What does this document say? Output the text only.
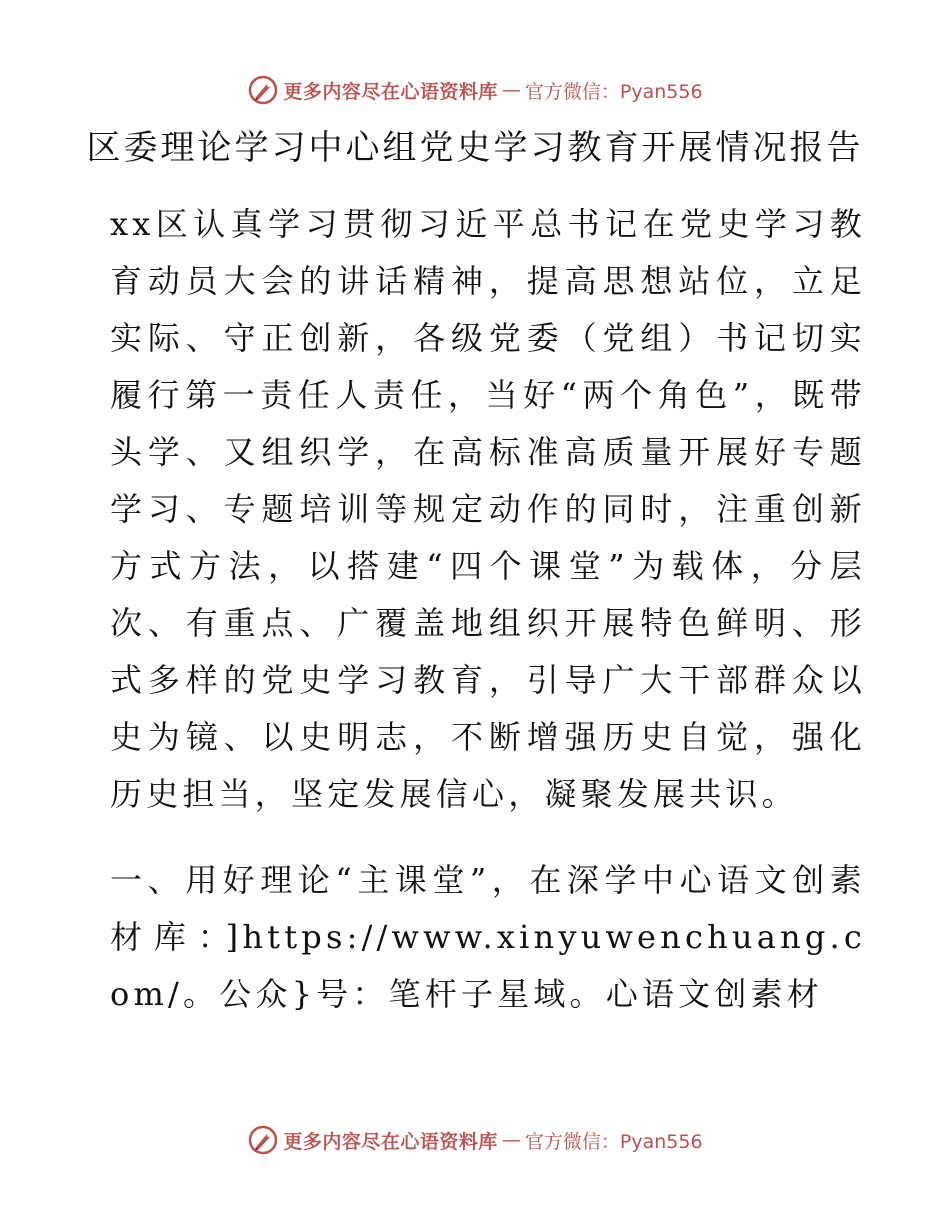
更多内容尽在心语资料库 — 官方微信：Pyan556
区委理论学习中心组党史学习教育开展情况报告

xx区认真学习贯彻习近平总书记在党史学习教育动员大会的讲话精神，提高思想站位，立足实际、守正创新，各级党委（党组）书记切实履行第一责任人责任，当好“两个角色”，既带头学、又组织学，在高标准高质量开展好专题学习、专题培训等规定动作的同时，注重创新方式方法，以搭建“四个课堂”为载体，分层次、有重点、广覆盖地组织开展特色鲜明、形式多样的党史学习教育，引导广大干部群众以史为镜、以史明志，不断增强历史自觉，强化历史担当，坚定发展信心，凝聚发展共识。

一、用好理论“主课堂”，在深学中心语文创素材库：]https://www.xinyuwenchuang.com/。公众}号：笔杆子星域。心语文创素材

更多内容尽在心语资料库 — 官方微信：Pyan556
